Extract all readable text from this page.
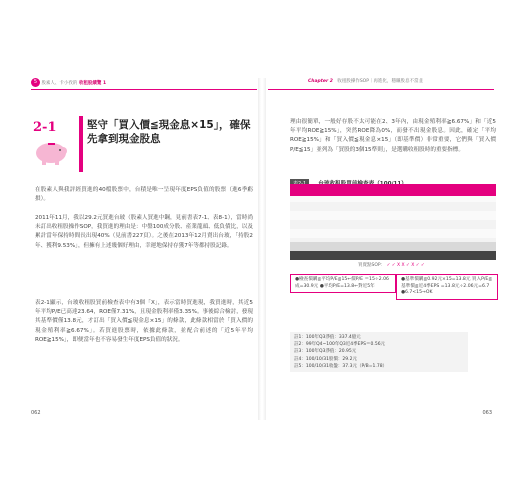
5 股素人、卡小孜的 收租股績覽 1
2-1	堅守「買入價≦現金息×15」，確保先拿到現金股息
在股素人與我評經買進的40檔股票中，台積是唯一呈現年度EPS負值的股票（進6季虧損）。
2011年11月，我以29.2元買進台玻（股素人買進中鋼，見前書表7-1、表8-1），當時尚未訂出收租股操作SOP，我買進的理由是：中盤100成分股、產業龍頭、低負債比，以及累計當年保持時間長出現40%（見前書227頁）。之後在2013年12月賣出台玻，「持股2年、獲利9.53%」，但擁有上述幾個好理由，幸運地保持存獲7年等都持股記錄。
表2-1顯示，台玻收租股買前檢查表中有3個「X」，表示當時買進現，我買進時，其近5年平均P/E已高達23.64，ROE僅7.31%，且現金股利率僅3.35%。事後綜合檢討，發現其基準價僅13.8元，才訂出「買入價≦現金息×15」的條款，此條款相當於「買入價的現金殖利率≧6.67%」。若買進股票時，依據此條款，並配合前述的「近5年平均ROE≧15%」，即便當年也不容易發生年度EPS負值的狀況。
062
Chapter 2 收租股操作SOP｜再進化，穩賺股息不當韭
理由很簡單，一般好存股不太可能在2、3年內，由現金殖利率≧6.67%」和「近5年平均ROE≧15%」，突然ROE降為0%，而發不出現金股息。因此，確定「平均ROE≧15%」和「買入價≦現金息×15」（即基準價）非常重要，它們與「買入價P/E≦15」並列為「買股的3個15準則」，是選購收租股時的重要指標。
買賣點SOP： ✓ ✓ X X ✓ X ✓ ✓
●檢查價購≦平均P/E≦15←價P/E ＝15÷2.06成=30.9元 ●平均P/E=13.8←對近5年
●基準價購≦0.92元×15=13.8元 買入P/E≦基準價≦近4季EPS =13.8元÷2.06元=6.7 ●6.7<15→OK
註1：100年Q3淨值：337.4億元
註2：99年Q4~100年Q3近4季EPS＝0.56元
註3：100年Q3淨值：20.95元
註4：100/10/31股價：29.2元
註5：100/10/31收盤：37.3元（P/B=1.78）
063
